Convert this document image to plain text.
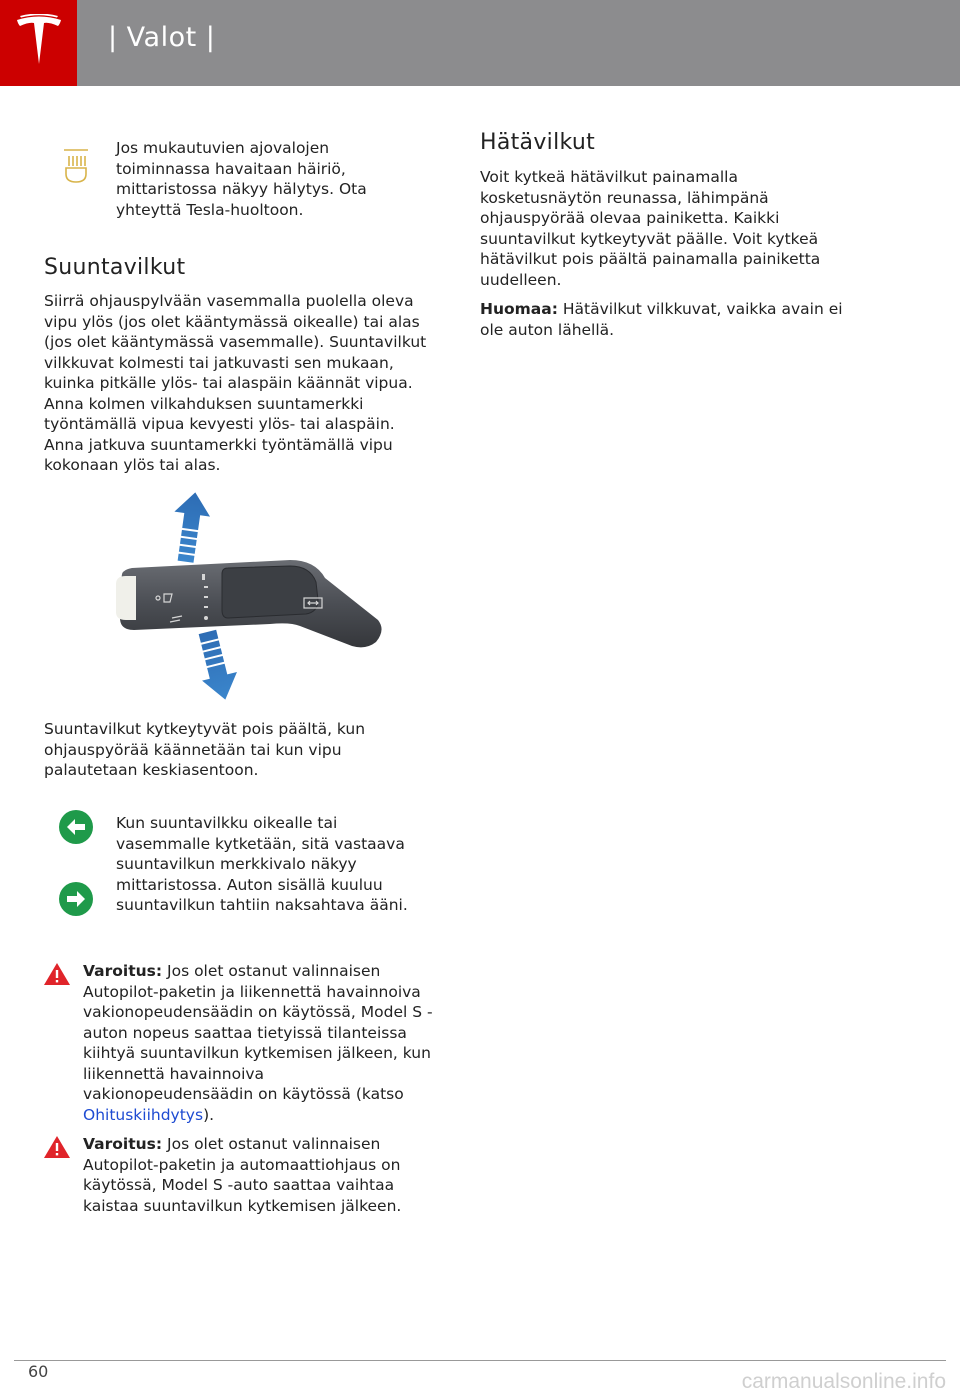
| Valot |

Jos mukautuvien ajovalojen toiminnassa havaitaan häiriö, mittaristossa näkyy hälytys. Ota yhteyttä Tesla-huoltoon.

Suuntavilkut

Siirrä ohjauspylvään vasemmalla puolella oleva vipu ylös (jos olet kääntymässä oikealle) tai alas (jos olet kääntymässä vasemmalle). Suuntavilkut vilkkuvat kolmesti tai jatkuvasti sen mukaan, kuinka pitkälle ylös- tai alaspäin käännät vipua. Anna kolmen vilkahduksen suuntamerkki työntämällä vipua kevyesti ylös- tai alaspäin. Anna jatkuva suuntamerkki työntämällä vipu kokonaan ylös tai alas.

Suuntavilkut kytkeytyvät pois päältä, kun ohjauspyörää käännetään tai kun vipu palautetaan keskiasentoon.

Kun suuntavilkku oikealle tai vasemmalle kytketään, sitä vastaava suuntavilkun merkkivalo näkyy mittaristossa. Auton sisällä kuuluu suuntavilkun tahtiin naksahtava ääni.

Varoitus: Jos olet ostanut valinnaisen Autopilot-paketin ja liikennettä havainnoiva vakionopeudensäädin on käytössä, Model S -auton nopeus saattaa tietyissä tilanteissa kiihtyä suuntavilkun kytkemisen jälkeen, kun liikennettä havainnoiva vakionopeudensäädin on käytössä (katso Ohituskiihdytys).

Varoitus: Jos olet ostanut valinnaisen Autopilot-paketin ja automaattiohjaus on käytössä, Model S -auto saattaa vaihtaa kaistaa suuntavilkun kytkemisen jälkeen.

Hätävilkut

Voit kytkeä hätävilkut painamalla kosketusnäytön reunassa, lähimpänä ohjauspyörää olevaa painiketta. Kaikki suuntavilkut kytkeytyvät päälle. Voit kytkeä hätävilkut pois päältä painamalla painiketta uudelleen.

Huomaa: Hätävilkut vilkkuvat, vaikka avain ei ole auton lähellä.

60	carmanualsonline.info
